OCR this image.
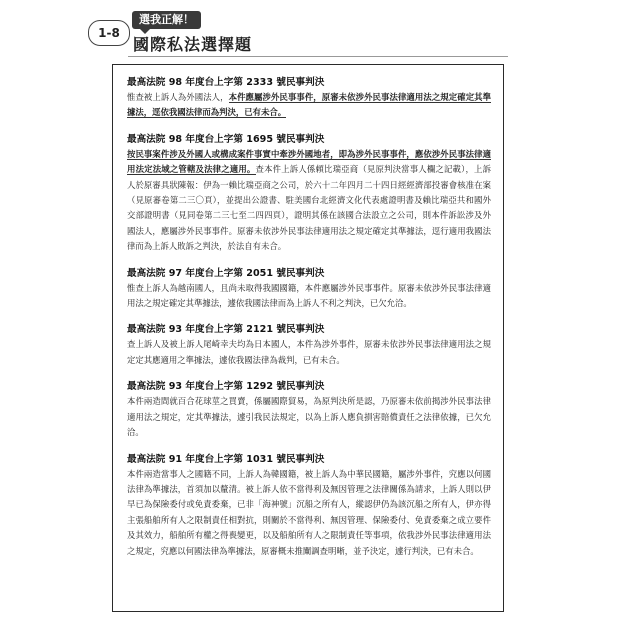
1-8
選我正解！
國際私法選擇題

最高法院 98 年度台上字第 2333 號民事判決

惟查被上訴人為外國法人，本件應屬涉外民事事件，原審未依涉外民事法律適用法之規定確定其準據法，逕依我國法律而為判決，已有未合。

最高法院 98 年度台上字第 1695 號民事判決

按民事案件涉及外國人或構成案件事實中牽涉外國地者，即為涉外民事事件，應依涉外民事法律適用法定法域之管轄及法律之適用。查本件上訴人係頼比瑞亞商（見原判決當事人欄之記載），上訴人於原審具狀陳報：伊為一賴比瑞亞商之公司，於六十二年四月二十四日經經濟部投審會核准在案（見原審卷第二三〇頁），並提出公證書、駐美國台北經濟文化代表處證明書及賴比瑞亞共和國外交部證明書（見同卷第二三七至二四四頁），證明其係在該國合法設立之公司，則本件訴訟涉及外國法人，應屬涉外民事事件。原審未依涉外民事法律適用法之規定確定其準據法，逕行適用我國法律而為上訴人敗訴之判決，於法自有未合。

最高法院 97 年度台上字第 2051 號民事判決

惟查上訴人為越南國人，且尚未取得我國國籍，本件應屬涉外民事事件。原審未依涉外民事法律適用法之規定確定其準據法，遽依我國法律而為上訴人不利之判決，已欠允洽。

最高法院 93 年度台上字第 2121 號民事判決

查上訴人及被上訴人尾崎幸夫均為日本國人，本件為涉外事件，原審未依涉外民事法律適用法之規定定其應適用之準據法，遽依我國法律為裁判，已有未合。

最高法院 93 年度台上字第 1292 號民事判決

本件兩造間就百合花球莖之買賣，係屬國際貿易，為原判決所是認，乃原審未依前揭涉外民事法律適用法之規定，定其準據法，遽引我民法規定，以為上訴人應負損害賠償責任之法律依據，已欠允洽。

最高法院 91 年度台上字第 1031 號民事判決

本件兩造當事人之國籍不同，上訴人為韓國籍，被上訴人為中華民國籍，屬涉外事件，究應以何國法律為準據法，首須加以釐清。被上訴人依不當得利及無因管理之法律關係為請求，上訴人則以伊早已為保險委付或免責委棄，已非「海神號」沉船之所有人，縱認伊仍為該沉船之所有人，伊亦得主張船舶所有人之限制責任相對抗，則關於不當得利、無因管理、保險委付、免責委棄之成立要件及其效力，船舶所有權之得喪變更，以及船舶所有人之限制責任等事項，依我涉外民事法律適用法之規定，究應以何國法律為準據法，原審概未推闡調查明晰，並予決定，遽行判決，已有未合。
